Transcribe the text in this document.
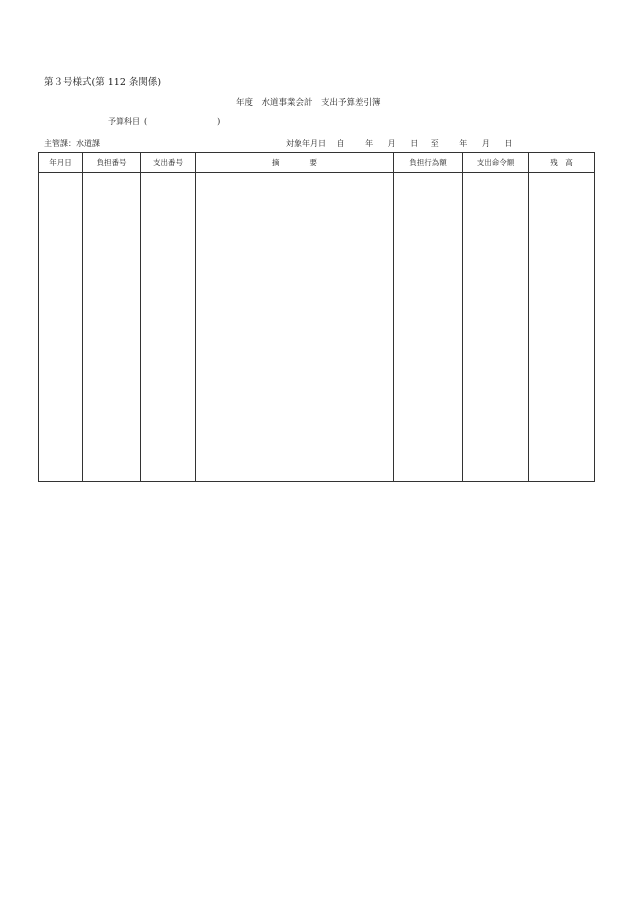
第３号様式(第 112 条関係)
年度　水道事業会計　支出予算差引簿
予算科目 (	)
主管課：水道課	対象年月日 自	年 月 日 至	年 月 日
年月日	負担番号	支出番号	摘　　　　要	負担行為額	支出命令額	残　高
